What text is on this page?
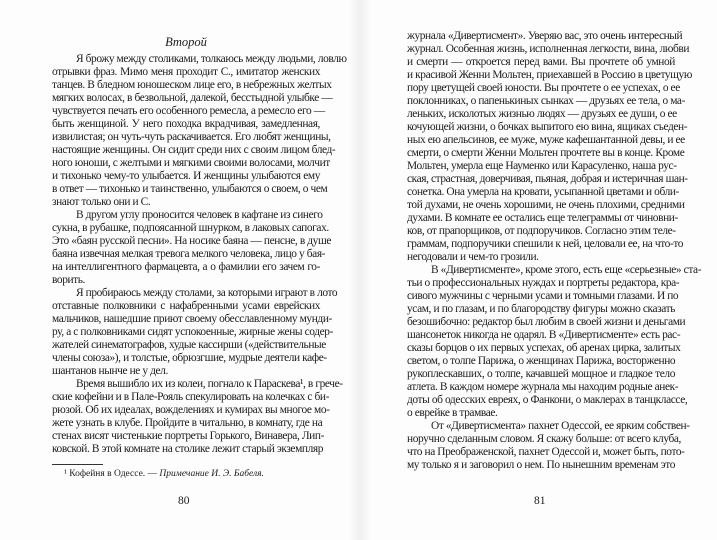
Второй
Я брожу между столиками, толкаюсь между людьми, ловлю
отрывки фраз. Мимо меня проходит С., имитатор женских
танцев. В бледном юношеском лице его, в небрежных желтых
мягких волосах, в безвольной, далекой, бесстыдной улыбке —
чувствуется печать его особенного ремесла, а ремесло его —
быть женщиной. У него походка вкрадчивая, замедленная,
извилистая; он чуть-чуть раскачивается. Его любят женщины,
настоящие женщины. Он сидит среди них с своим лицом блед-
ного юноши, с желтыми и мягкими своими волосами, молчит
и тихонько чему-то улыбается. И женщины улыбаются ему
в ответ — тихонько и таинственно, улыбаются о своем, о чем
знают только они и С.
В другом углу проносится человек в кафтане из синего
сукна, в рубашке, подпоясанной шнурком, в лаковых сапогах.
Это «баян русской песни». На носике баяна — пенсне, в душе
баяна извечная мелкая тревога мелкого человека, лицо у бая-
на интеллигентного фармацевта, а о фамилии его зачем го-
ворить.
Я пробираюсь между столами, за которыми играют в лото
отставные полковники с нафабренными усами еврейских
мальчиков, нашедшие приют своему обесславленному мунди-
ру, а с полковниками сидят успокоенные, жирные жены содер-
жателей синематографов, худые кассирши («действительные
члены союза»), и толстые, обрюзгшие, мудрые деятели кафе-
шантанов нынче не у дел.
Время вышибло их из колеи, погнало к Параскева¹, в грече-
ские кофейни и в Пале-Рояль спекулировать на колечках с би-
рюзой. Об их идеалах, вожделениях и кумирах вы многое мо-
жете узнать в клубе. Пройдите в читальню, в комнату, где на
стенах висят чистенькие портреты Горького, Винавера, Лип-
ковской. В этой комнате на столике лежит старый экземпляр
¹ Кофейня в Одессе. — Примечание И. Э. Бабеля.
80
журнала «Дивертисмент». Уверяю вас, это очень интересный
журнал. Особенная жизнь, исполненная легкости, вина, любви
и смерти — откроется перед вами. Вы прочтете об умной
и красивой Женни Мольтен, приехавшей в Россию в цветущую
пору цветущей своей юности. Вы прочтете о ее успехах, о ее
поклонниках, о папенькиных сынках — друзьях ее тела, о ма-
леньких, исколотых жизнью людях — друзьях ее души, о ее
кочующей жизни, о бочках выпитого ею вина, ящиках съеден-
ных ею апельсинов, ее муже, муже кафешантанной девы, и ее
смерти, о смерти Женни Мольтен прочтете вы в конце. Кроме
Мольтен, умерла еще Науменко или Карасуленко, наша рус-
ская, страстная, доверчивая, пьяная, добрая и истеричная шан-
сонетка. Она умерла на кровати, усыпанной цветами и обли-
той духами, не очень хорошими, не очень плохими, средними
духами. В комнате ее остались еще телеграммы от чиновни-
ков, от прапорщиков, от подпоручиков. Согласно этим теле-
граммам, подпоручики спешили к ней, целовали ее, на что-то
негодовали и чем-то грозили.
В «Дивертисменте», кроме этого, есть еще «серьезные» ста-
тьи о профессиональных нуждах и портреты редактора, кра-
сивого мужчины с черными усами и томными глазами. И по
усам, и по глазам, и по благородству фигуры можно сказать
безошибочно: редактор был любим в своей жизни и деньгами
шансонеток никогда не одарял. В «Дивертисменте» есть рас-
сказы борцов о их первых успехах, об аренах цирка, залитых
светом, о толпе Парижа, о женщинах Парижа, восторженно
рукоплескавших, о толпе, качавшей мощное и гладкое тело
атлета. В каждом номере журнала мы находим родные анек-
доты об одесских евреях, о Фанкони, о маклерах в танцклассе,
о еврейке в трамвае.
От «Дивертисмента» пахнет Одессой, ее ярким собствен-
норучно сделанным словом. Я скажу больше: от всего клуба,
что на Преображенской, пахнет Одессой и, может быть, пото-
му только я и заговорил о нем. По нынешним временам это
81
